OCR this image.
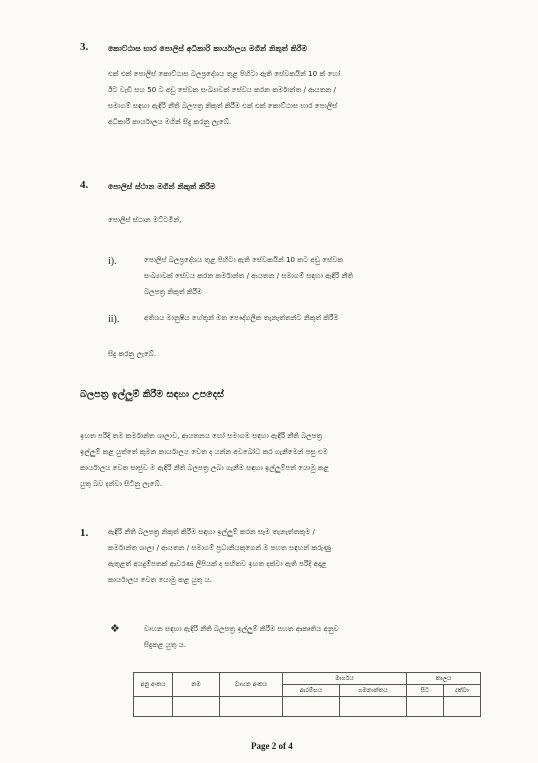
3.	කොට්ඨාස භාර පොලිස් අධිකාරි කාර්යාලය මගින් නිකුත් කිරීම
එක් එක් පොලිස් කොට්ඨාස බලප්‍රදේශය තුළ පිහිටා ඇති සේවකයින් 10 ක් හෝ
ඊට වැඩි සහ 50 ට අඩු සේවක සංඛ්‍යාවක් සේවය කරන කර්මාන්ත / ආයතන /
සමාගම් සඳහා ඇඳිරි නීති බලපත්‍ර නිකුත් කිරීම එක් එක් කොට්ඨාස භාර පොලිස්
අධිකාරී කාර්යාලය මගින් සිදු කරනු ලැබේ.
4.	පොලිස් ස්ථාන මගින් නිකුත් කිරීම
පොලිස් ස්ථාන මට්ටමින්,
i).	පොලිස් බලප්‍රදේශය තුළ පිහිටා ඇති සේවකයින් 10 කට අඩු සේවක
සංඛ්‍යාවක් සේවය කරන කර්මාන්ත / ආයතන / සමාගම් සඳහා ඇඳිරි නීති
බලපත්‍ර නිකුත් කිරීම
ii).	අතිශය මානුෂීය හේතූන් මත පෞද්ගලික තැනැත්තන්ට නිකුත් කිරීම
සිදු කරනු ලැබේ.
බලපත්‍ර ඉල්ලුම් කිරීම සඳහා උපදෙස්
ඉහත පරිදි තම කර්මාන්ත ශාලාව, ආයතනය හෝ සමාගම සඳහා ඇඳිරි නීති බලපත්‍ර
ඉල්ලුම් කළ යුත්තේ කුමන කාර්යාලය වෙත ද යන්න අවබෝධ කර ගැනීමෙන් පසු එම
කාර්යාලය වෙත සෘජුව ම ඇඳිරි නීති බලපත්‍ර ලබා ගැනීම සඳහා ඉල්ලුම්පත් යොමු කළ
යුතු බව දන්වා සිටිනු ලැබේ.
1.	ඇඳිරි නීති බලපත්‍ර නිකුත් කිරීම සඳහා ඉල්ලුම් කරන සෑම තැනැත්තකුම /
කර්මාන්ත ශාලා / ආයතන / සමාගම් ප්‍රධානියකුගෙන් ම පහත සඳහන් කරුණු
ඇතුළත් අයදුම්පතක් ආවරණ ලිපියක් ද සහිතව ඉහත දක්වා ඇති පරිදි අදාළ
කාර්යාලය වෙත යොමු කළ යුතු ය.
❖	වාහන සඳහා ඇඳිරි නීති බලපත්‍ර ඉල්ලුම් කිරීම පහත ආකෘතිය අනුව
සිදුකළ යුතු ය.
අනු අංකය	නම	වාහන අංකය	මාර්ගය		කාලය	
			ආරම්භය	ගමනාන්තය	සිට	දක්වා

Page 2 of 4
